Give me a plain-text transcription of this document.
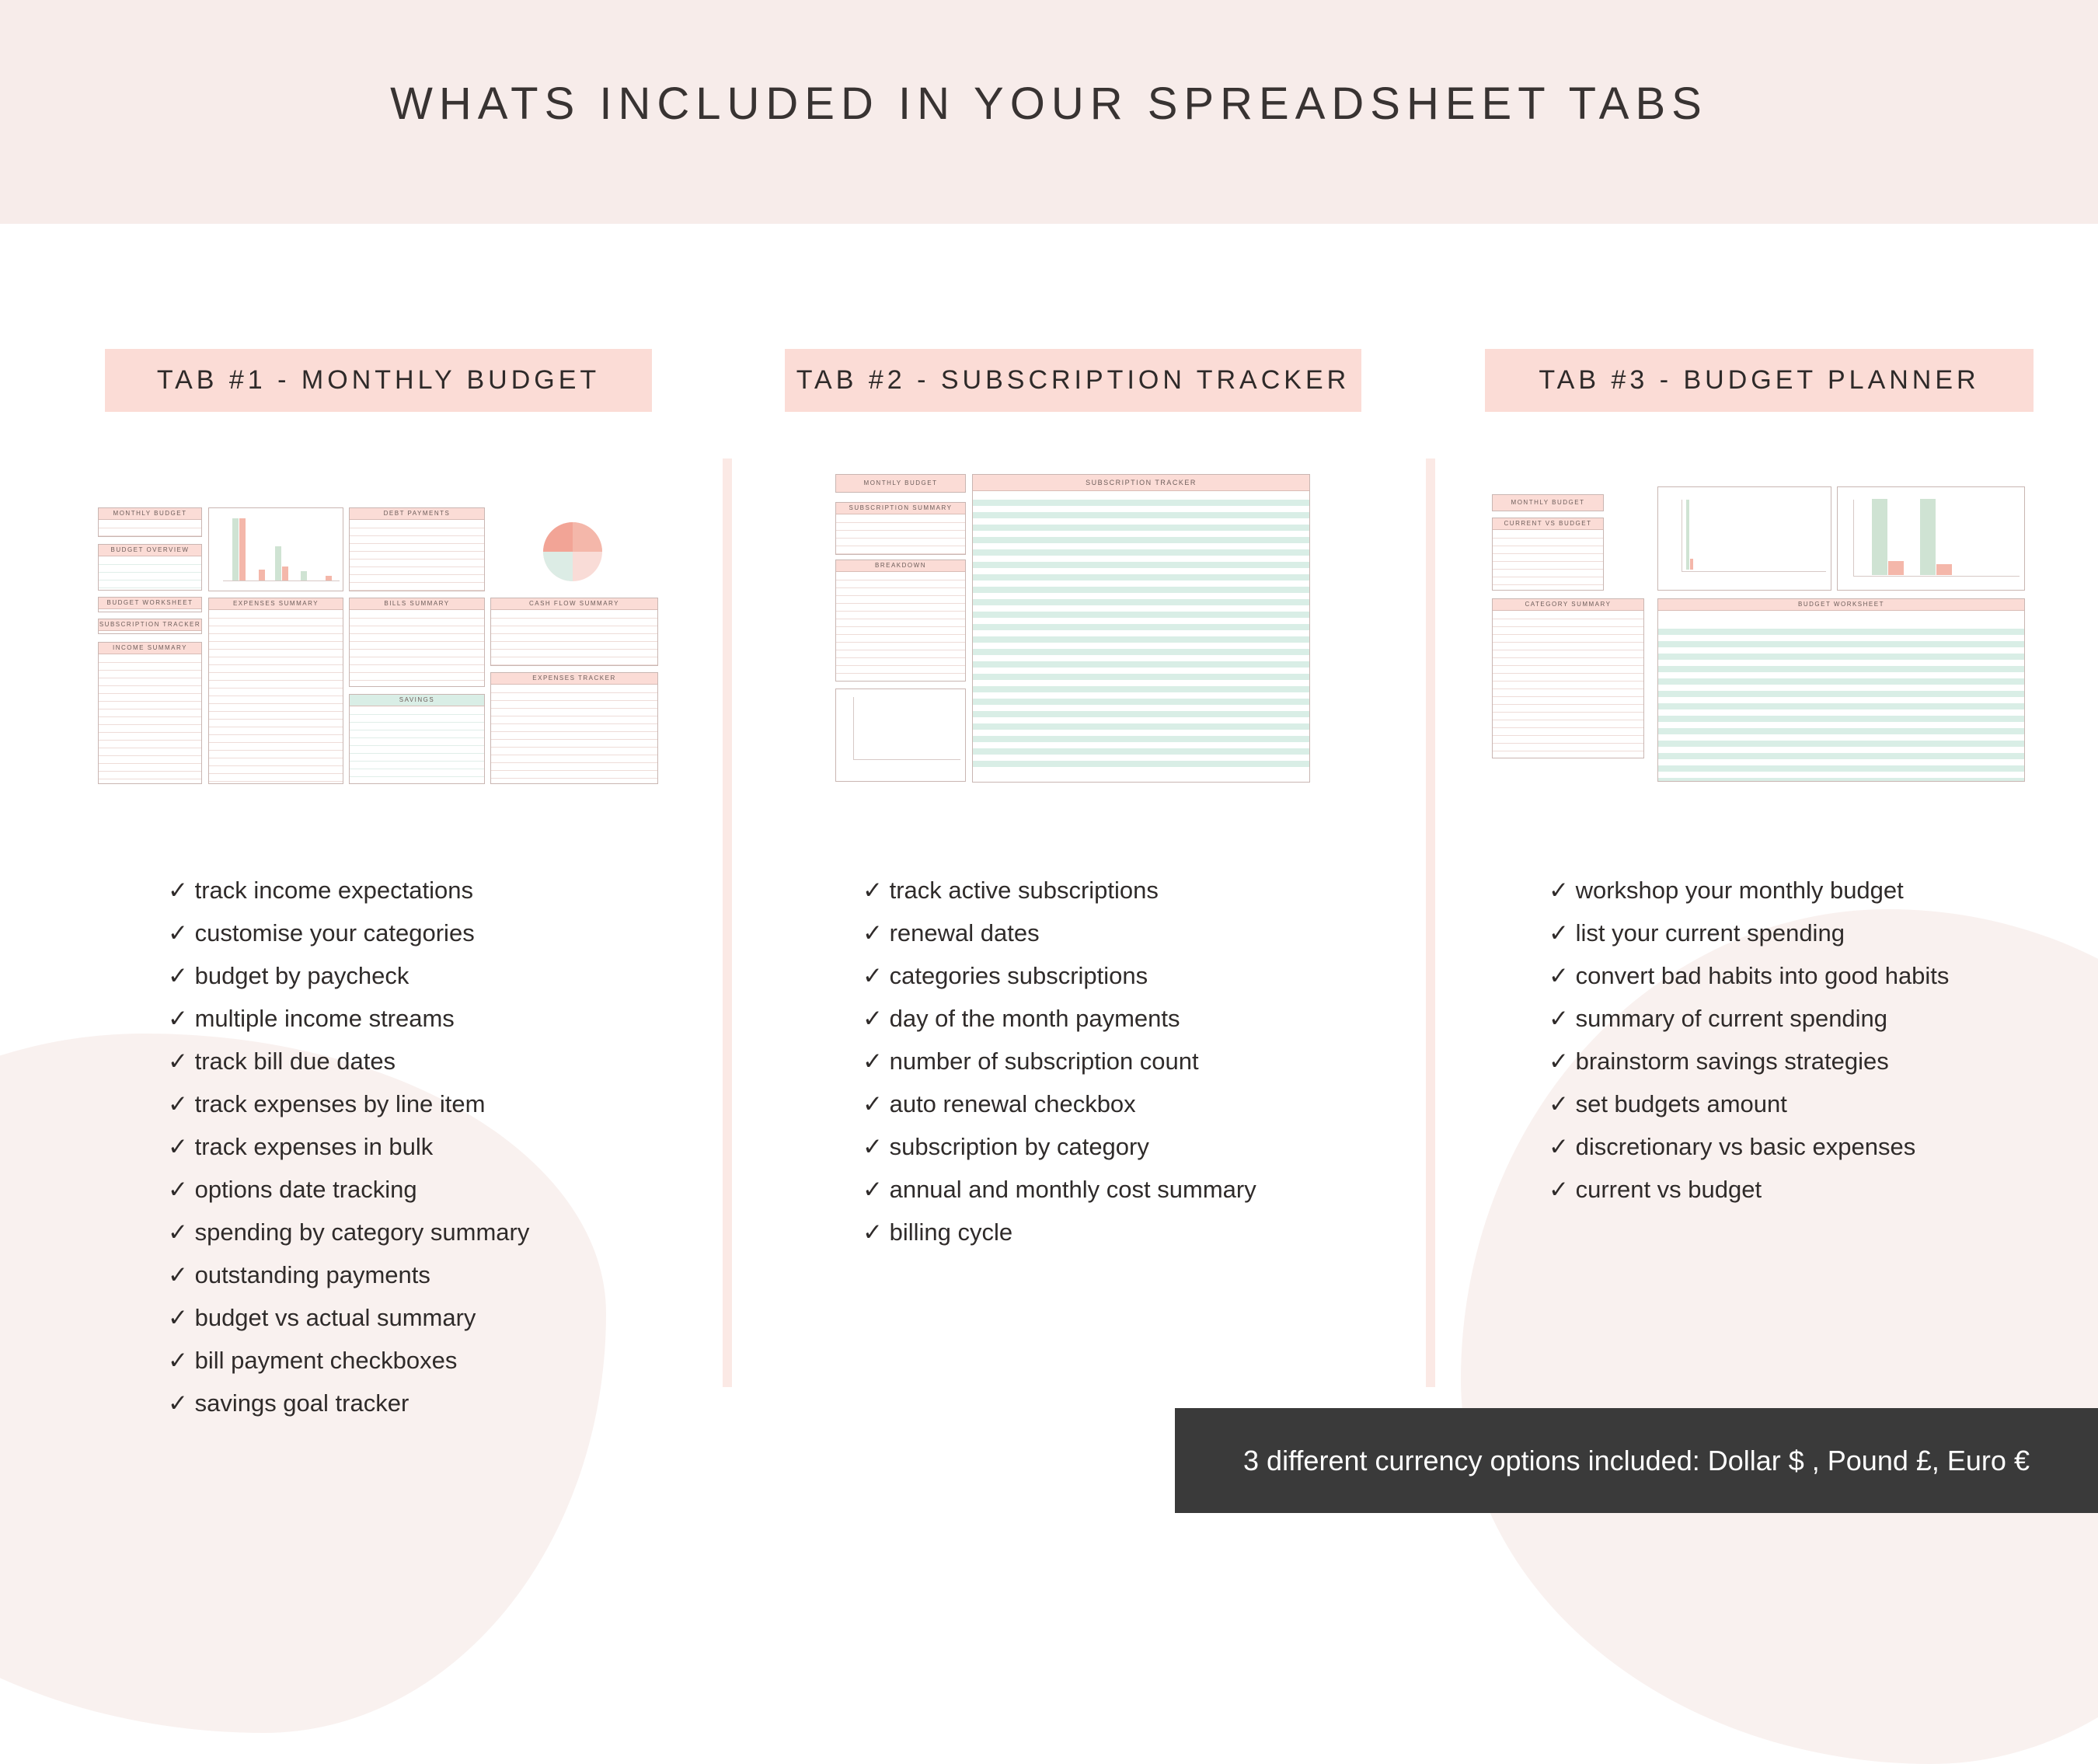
WHATS INCLUDED IN YOUR SPREADSHEET TABS
TAB #1 - MONTHLY BUDGET	TAB #2 - SUBSCRIPTION TRACKER	TAB #3 - BUDGET PLANNER
MONTHLY BUDGET
BUDGET OVERVIEW
BUDGET WORKSHEET
SUBSCRIPTION TRACKER
INCOME SUMMARY
EXPENSES SUMMARY
DEBT PAYMENTS
BILLS SUMMARY
SAVINGS
CASH FLOW SUMMARY
EXPENSES TRACKER
MONTHLY BUDGET
SUBSCRIPTION SUMMARY
BREAKDOWN
SUBSCRIPTION TRACKER
MONTHLY BUDGET
CURRENT VS BUDGET
CATEGORY SUMMARY	BUDGET WORKSHEET
✓ track income expectations
✓ customise your categories
✓ budget by paycheck
✓ multiple income streams
✓ track bill due dates
✓ track expenses by line item
✓ track expenses in bulk
✓ options date tracking
✓ spending by category summary
✓ outstanding payments
✓ budget vs actual summary
✓ bill payment checkboxes
✓ savings goal tracker
✓ track active subscriptions
✓ renewal dates
✓ categories subscriptions
✓ day of the month payments
✓ number of subscription count
✓ auto renewal checkbox
✓ subscription by category
✓ annual and monthly cost summary
✓ billing cycle
✓ workshop your monthly budget
✓ list your current spending
✓ convert bad habits into good habits
✓ summary of current spending
✓ brainstorm savings strategies
✓ set budgets amount
✓ discretionary vs basic expenses
✓ current vs budget
3 different currency options included: Dollar $ , Pound £, Euro €
